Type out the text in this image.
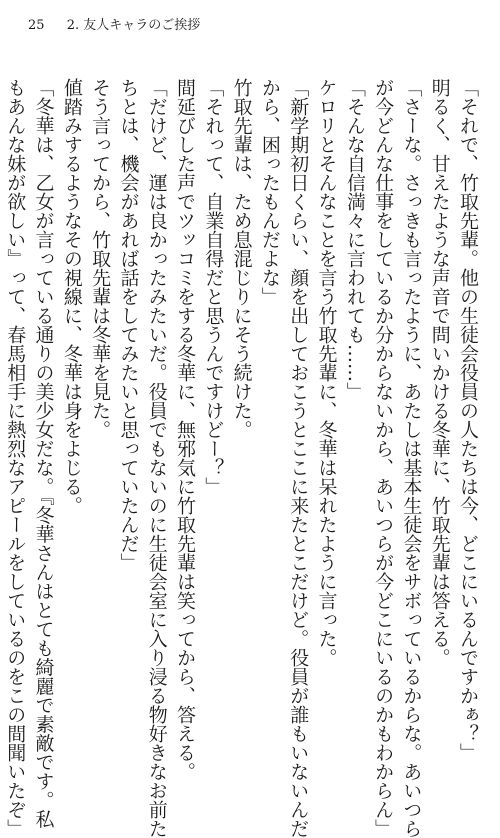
25 2. 友人キャラのご挨拶

「それで、竹取先輩。他の生徒会役員の人たちは今、どこにいるんですかぁ？」

明るく、甘えたような声音で問いかける冬華に、竹取先輩は答える。

「さーな。さっきも言ったように、あたしは基本生徒会をサボっているからな。あいつら

が今どんな仕事をしているか分からないから、あいつらが今どこにいるのかもわからん」

「そんな自信満々に言われても……」

ケロリとそんなことを言う竹取先輩に、冬華は呆れたように言った。

「新学期初日くらい、顔を出しておこうとここに来たとこだけど。役員が誰もいないんだ

から、困ったもんだよな」

竹取先輩は、ため息混じりにそう続けた。

「それって、自業自得だと思うんですけどー？」

間延びした声でツッコミをする冬華に、無邪気に竹取先輩は笑ってから、答える。

「だけど、運は良かったみたいだ。役員でもないのに生徒会室に入り浸る物好きなお前た

ちとは、機会があれば話をしてみたいと思っていたんだ」

そう言ってから、竹取先輩は冬華を見た。

値踏みするようなその視線に、冬華は身をよじる。

「冬華は、乙女が言っている通りの美少女だな。『冬華さんはとても綺麗で素敵です。私

もあんな妹が欲しい』って、春馬相手に熱烈なアピールをしているのをこの間聞いたぞ」
